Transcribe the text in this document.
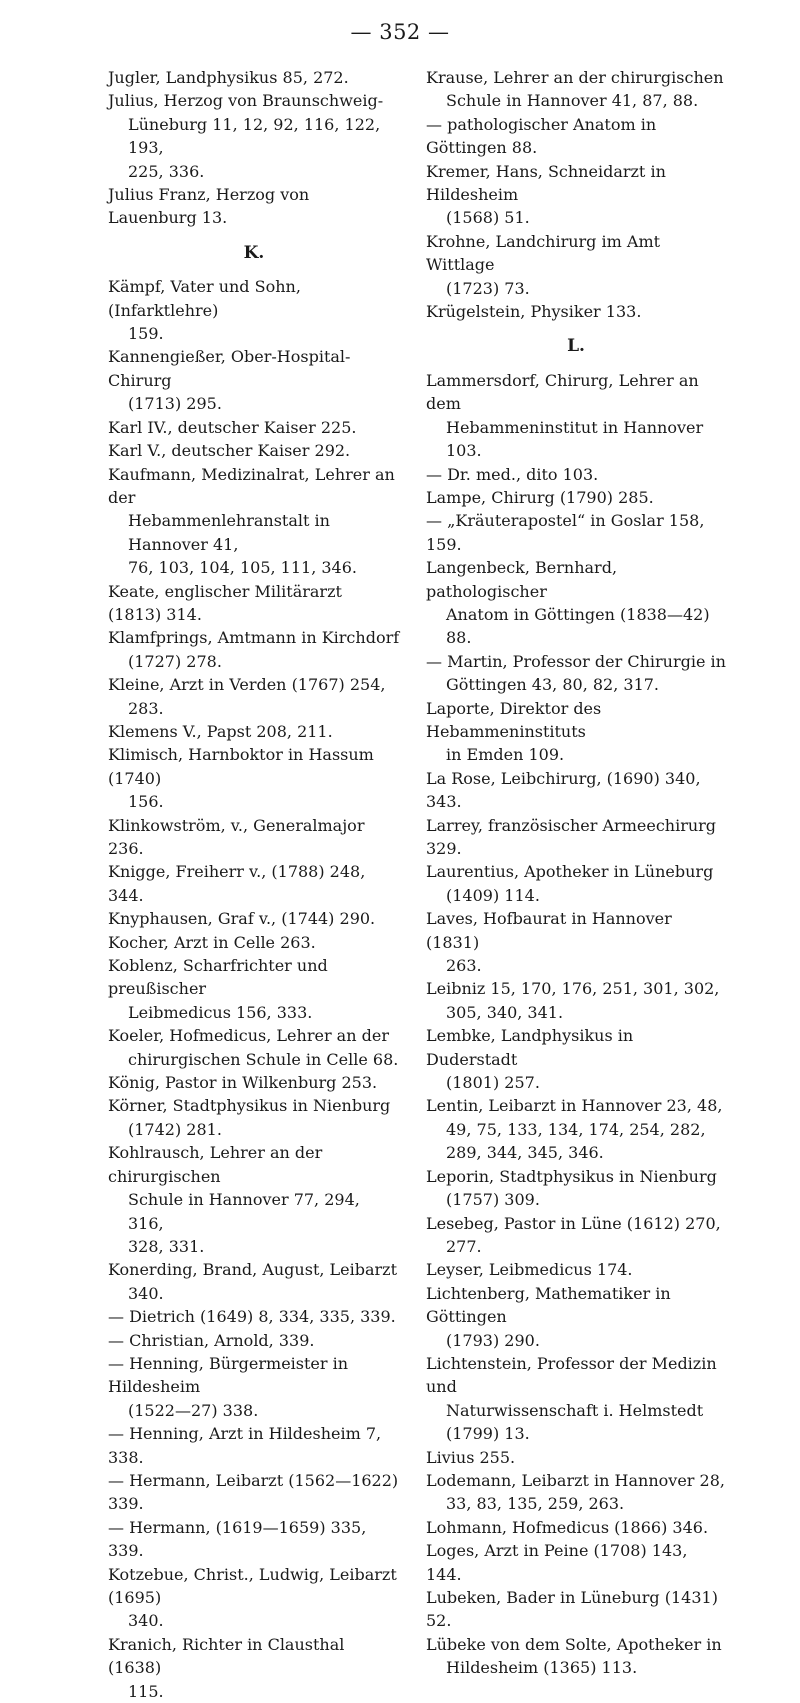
— 352 —
Jugler, Landphysikus 85, 272.
Julius, Herzog von Braunschweig-
Lüneburg 11, 12, 92, 116, 122, 193,
225, 336.
Julius Franz, Herzog von Lauenburg 13.
K.
Kämpf, Vater und Sohn, (Infarktlehre)
159.
Kannengießer, Ober-Hospital-Chirurg
(1713) 295.
Karl IV., deutscher Kaiser 225.
Karl V., deutscher Kaiser 292.
Kaufmann, Medizinalrat, Lehrer an der
Hebammenlehranstalt in Hannover 41,
76, 103, 104, 105, 111, 346.
Keate, englischer Militärarzt (1813) 314.
Klamfprings, Amtmann in Kirchdorf
(1727) 278.
Kleine, Arzt in Verden (1767) 254,
283.
Klemens V., Papst 208, 211.
Klimisch, Harnboktor in Hassum (1740)
156.
Klinkowström, v., Generalmajor 236.
Knigge, Freiherr v., (1788) 248, 344.
Knyphausen, Graf v., (1744) 290.
Kocher, Arzt in Celle 263.
Koblenz, Scharfrichter und preußischer
Leibmedicus 156, 333.
Koeler, Hofmedicus, Lehrer an der
chirurgischen Schule in Celle 68.
König, Pastor in Wilkenburg 253.
Körner, Stadtphysikus in Nienburg
(1742) 281.
Kohlrausch, Lehrer an der chirurgischen
Schule in Hannover 77, 294, 316,
328, 331.
Konerding, Brand, August, Leibarzt
340.
— Dietrich (1649) 8, 334, 335, 339.
— Christian, Arnold, 339.
— Henning, Bürgermeister in Hildesheim
(1522—27) 338.
— Henning, Arzt in Hildesheim 7, 338.
— Hermann, Leibarzt (1562—1622) 339.
— Hermann, (1619—1659) 335, 339.
Kotzebue, Christ., Ludwig, Leibarzt (1695)
340.
Kranich, Richter in Clausthal (1638)
115.
Krause, Lehrer an der chirurgischen
Schule in Hannover 41, 87, 88.
— pathologischer Anatom in Göttingen 88.
Kremer, Hans, Schneidarzt in Hildesheim
(1568) 51.
Krohne, Landchirurg im Amt Wittlage
(1723) 73.
Krügelstein, Physiker 133.
L.
Lammersdorf, Chirurg, Lehrer an dem
Hebammeninstitut in Hannover 103.
— Dr. med., dito 103.
Lampe, Chirurg (1790) 285.
— „Kräuterapostel“ in Goslar 158, 159.
Langenbeck, Bernhard, pathologischer
Anatom in Göttingen (1838—42) 88.
— Martin, Professor der Chirurgie in
Göttingen 43, 80, 82, 317.
Laporte, Direktor des Hebammeninstituts
in Emden 109.
La Rose, Leibchirurg, (1690) 340, 343.
Larrey, französischer Armeechirurg 329.
Laurentius, Apotheker in Lüneburg
(1409) 114.
Laves, Hofbaurat in Hannover (1831)
263.
Leibniz 15, 170, 176, 251, 301, 302,
305, 340, 341.
Lembke, Landphysikus in Duderstadt
(1801) 257.
Lentin, Leibarzt in Hannover 23, 48,
49, 75, 133, 134, 174, 254, 282,
289, 344, 345, 346.
Leporin, Stadtphysikus in Nienburg
(1757) 309.
Lesebeg, Pastor in Lüne (1612) 270,
277.
Leyser, Leibmedicus 174.
Lichtenberg, Mathematiker in Göttingen
(1793) 290.
Lichtenstein, Professor der Medizin und
Naturwissenschaft i. Helmstedt (1799) 13.
Livius 255.
Lodemann, Leibarzt in Hannover 28,
33, 83, 135, 259, 263.
Lohmann, Hofmedicus (1866) 346.
Loges, Arzt in Peine (1708) 143, 144.
Lubeken, Bader in Lüneburg (1431) 52.
Lübeke von dem Solte, Apotheker in
Hildesheim (1365) 113.
